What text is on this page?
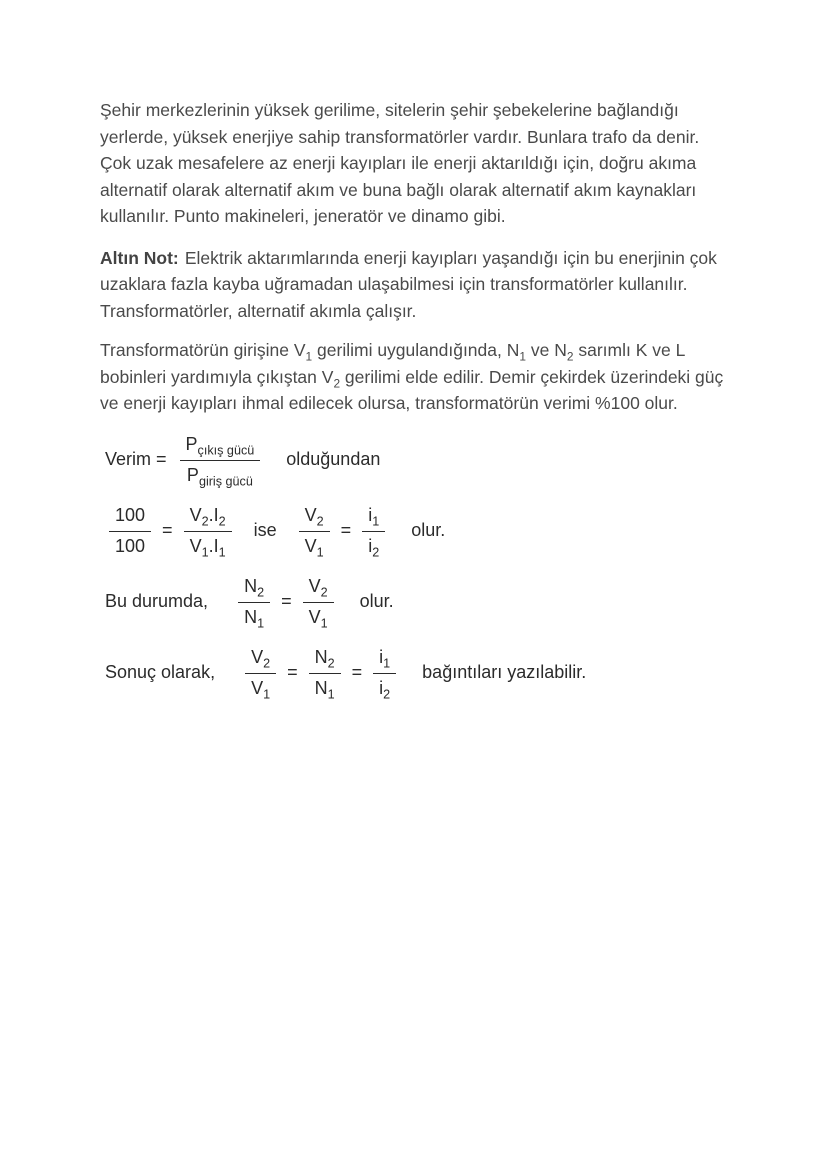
Şehir merkezlerinin yüksek gerilime, sitelerin şehir şebekelerine bağlandığı yerlerde, yüksek enerjiye sahip transformatörler vardır. Bunlara trafo da denir. Çok uzak mesafelere az enerji kayıpları ile enerji aktarıldığı için, doğru akıma alternatif olarak alternatif akım ve buna bağlı olarak alternatif akım kaynakları kullanılır. Punto makineleri, jeneratör ve dinamo gibi.

Altın Not: Elektrik aktarımlarında enerji kayıpları yaşandığı için bu enerjinin çok uzaklara fazla kayba uğramadan ulaşabilmesi için transformatörler kullanılır. Transformatörler, alternatif akımla çalışır.

Transformatörün girişine $V_1$ gerilimi uygulandığında, $N_1$ ve $N_2$ sarımlı K ve L bobinleri yardımıyla çıkıştan $V_2$ gerilimi elde edilir. Demir çekirdek üzerindeki güç ve enerji kayıpları ihmal edilecek olursa, transformatörün verimi %100 olur.

Verim = $\frac{P_{çıkış gücü}}{P_{giriş gücü}}$ olduğundan
$\frac{100}{100} = \frac{V_2.I_2}{V_1.I_1}$ ise $\frac{V_2}{V_1} = \frac{i_1}{i_2}$ olur.
Bu durumda, $\frac{N_2}{N_1} = \frac{V_2}{V_1}$ olur.
Sonuç olarak, $\frac{V_2}{V_1} = \frac{N_2}{N_1} = \frac{i_1}{i_2}$ bağıntıları yazılabilir.
